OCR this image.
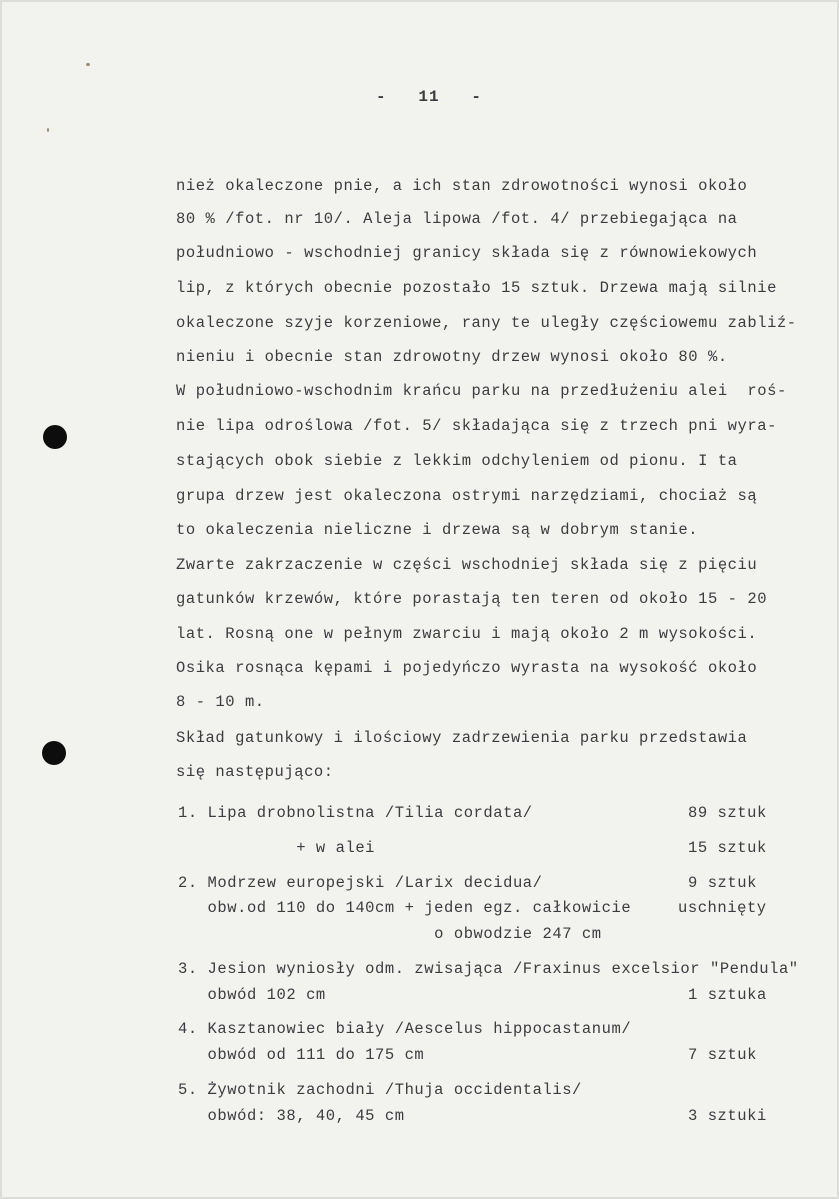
-   11   -
nież okaleczone pnie, a ich stan zdrowotności wynosi około
80 % /fot. nr 10/. Aleja lipowa /fot. 4/ przebiegająca na
południowo - wschodniej granicy składa się z równowiekowych
lip, z których obecnie pozostało 15 sztuk. Drzewa mają silnie
okaleczone szyje korzeniowe, rany te uległy częściowemu zabliź-
nieniu i obecnie stan zdrowotny drzew wynosi około 80 %.
W południowo-wschodnim krańcu parku na przedłużeniu alei  roś-
nie lipa odroślowa /fot. 5/ składająca się z trzech pni wyra-
stających obok siebie z lekkim odchyleniem od pionu. I ta
grupa drzew jest okaleczona ostrymi narzędziami, chociaż są
to okaleczenia nieliczne i drzewa są w dobrym stanie.
Zwarte zakrzaczenie w części wschodniej składa się z pięciu
gatunków krzewów, które porastają ten teren od około 15 - 20
lat. Rosną one w pełnym zwarciu i mają około 2 m wysokości.
Osika rosnąca kępami i pojedyńczo wyrasta na wysokość około
8 - 10 m.
Skład gatunkowy i ilościowy zadrzewienia parku przedstawia
się następująco:
1. Lipa drobnolistna /Tilia cordata/	89 sztuk
+ w alei	15 sztuk
2. Modrzew europejski /Larix decidua/	9 sztuk
obw.od 110 do 140cm + jeden egz. całkowicie	uschnięty
o obwodzie 247 cm
3. Jesion wyniosły odm. zwisająca /Fraxinus excelsior "Pendula"
obwód 102 cm	1 sztuka
4. Kasztanowiec biały /Aescelus hippocastanum/
obwód od 111 do 175 cm	7 sztuk
5. Żywotnik zachodni /Thuja occidentalis/
obwód: 38, 40, 45 cm	3 sztuki
